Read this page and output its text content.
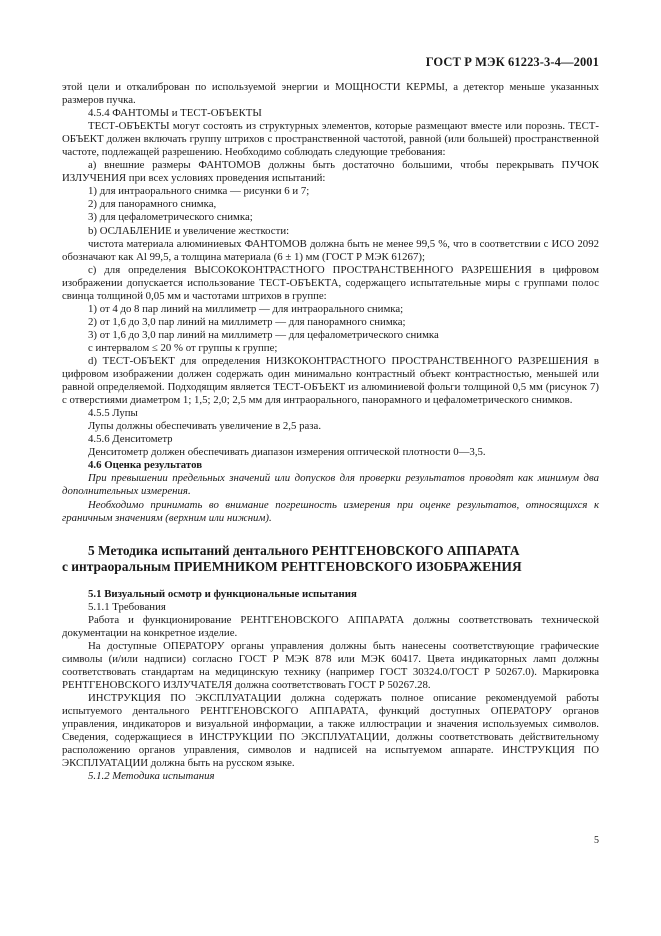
ГОСТ Р МЭК 61223-3-4—2001

этой цели и откалиброван по используемой энергии и МОЩНОСТИ КЕРМЫ, а детектор меньше указанных размеров пучка.

4.5.4 ФАНТОМЫ и ТЕСТ-ОБЪЕКТЫ

ТЕСТ-ОБЪЕКТЫ могут состоять из структурных элементов, которые размещают вместе или порознь. ТЕСТ-ОБЪЕКТ должен включать группу штрихов с пространственной частотой, равной (или большей) пространственной частоте, подлежащей разрешению. Необходимо соблюдать следующие требования:

а) внешние размеры ФАНТОМОВ должны быть достаточно большими, чтобы перекрывать ПУЧОК ИЗЛУЧЕНИЯ при всех условиях проведения испытаний:

1) для интраорального снимка — рисунки 6 и 7;

2) для панорамного снимка,

3) для цефалометрического снимка;

b) ОСЛАБЛЕНИЕ и увеличение жесткости:

чистота материала алюминиевых ФАНТОМОВ должна быть не менее 99,5 %, что в соответствии с ИСО 2092 обозначают как Al 99,5, а толщина материала (6 ± 1) мм (ГОСТ Р МЭК 61267);

с) для определения ВЫСОКОКОНТРАСТНОГО ПРОСТРАНСТВЕННОГО РАЗРЕШЕНИЯ в цифровом изображении допускается использование ТЕСТ-ОБЪЕКТА, содержащего испытательные миры с группами полос свинца толщиной 0,05 мм и частотами штрихов в группе:

1) от 4 до 8 пар линий на миллиметр — для интраорального снимка;

2) от 1,6 до 3,0 пар линий на миллиметр — для панорамного снимка;

3) от 1,6 до 3,0 пар линий на миллиметр — для цефалометрического снимка

с интервалом ≤ 20 % от группы к группе;

d) ТЕСТ-ОБЪЕКТ для определения НИЗКОКОНТРАСТНОГО ПРОСТРАНСТВЕННОГО РАЗРЕШЕНИЯ в цифровом изображении должен содержать один минимально контрастный объект контрастностью, меньшей или равной определяемой. Подходящим является ТЕСТ-ОБЪЕКТ из алюминиевой фольги толщиной 0,5 мм (рисунок 7) с отверстиями диаметром 1; 1,5; 2,0; 2,5 мм для интраорального, панорамного и цефалометрического снимков.

4.5.5 Лупы

Лупы должны обеспечивать увеличение в 2,5 раза.

4.5.6 Денситометр

Денситометр должен обеспечивать диапазон измерения оптической плотности 0—3,5.

4.6 Оценка результатов

При превышении предельных значений или допусков для проверки результатов проводят как минимум два дополнительных измерения.

Необходимо принимать во внимание погрешность измерения при оценке результатов, относящихся к граничным значениям (верхним или нижним).

5 Методика испытаний дентального РЕНТГЕНОВСКОГО АППАРАТА
с интраоральным ПРИЕМНИКОМ РЕНТГЕНОВСКОГО ИЗОБРАЖЕНИЯ

5.1 Визуальный осмотр и функциональные испытания

5.1.1 Требования

Работа и функционирование РЕНТГЕНОВСКОГО АППАРАТА должны соответствовать технической документации на конкретное изделие.

На доступные ОПЕРАТОРУ органы управления должны быть нанесены соответствующие графические символы (и/или надписи) согласно ГОСТ Р МЭК 878 или МЭК 60417. Цвета индикаторных ламп должны соответствовать стандартам на медицинскую технику (например ГОСТ 30324.0/ГОСТ Р 50267.0). Маркировка РЕНТГЕНОВСКОГО ИЗЛУЧАТЕЛЯ должна соответствовать ГОСТ Р 50267.28.

ИНСТРУКЦИЯ ПО ЭКСПЛУАТАЦИИ должна содержать полное описание рекомендуемой работы испытуемого дентального РЕНТГЕНОВСКОГО АППАРАТА, функций доступных ОПЕРАТОРУ органов управления, индикаторов и визуальной информации, а также иллюстрации и значения используемых символов. Сведения, содержащиеся в ИНСТРУКЦИИ ПО ЭКСПЛУАТАЦИИ, должны соответствовать действительному расположению органов управления, символов и надписей на испытуемом аппарате. ИНСТРУКЦИЯ ПО ЭКСПЛУАТАЦИИ должна быть на русском языке.

5.1.2 Методика испытания

5
